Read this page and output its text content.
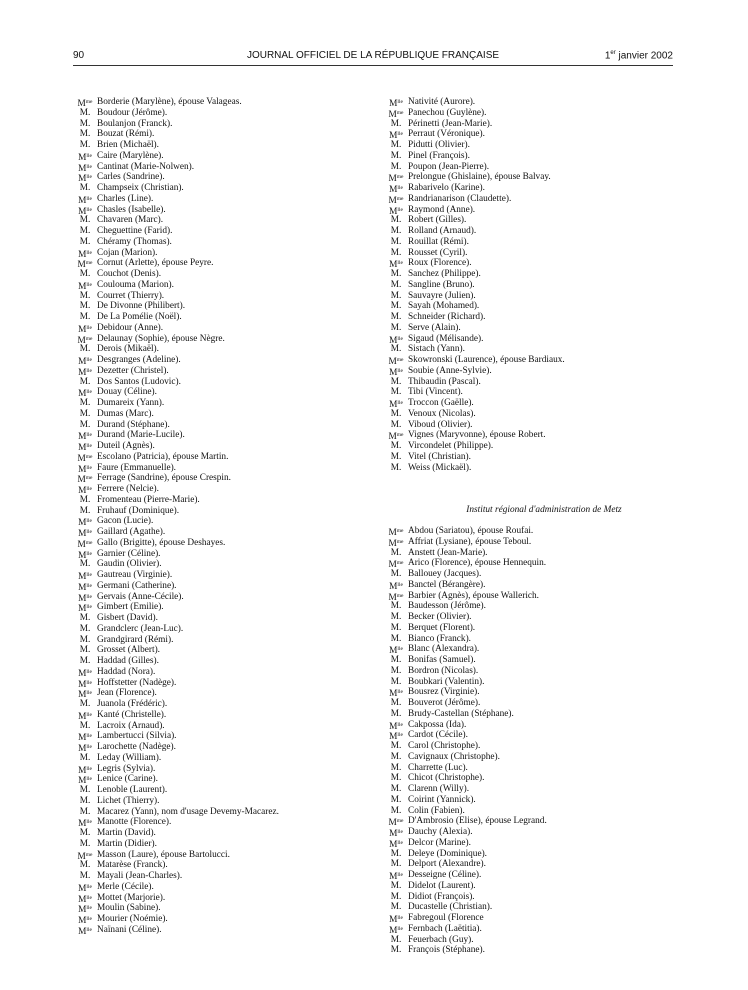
90	JOURNAL OFFICIEL DE LA RÉPUBLIQUE FRANÇAISE	1er janvier 2002
$M^{me}$ Borderie (Marylène), épouse Valageas.
M. Boudour (Jérôme).
M. Boulanjon (Franck).
M. Bouzat (Rémi).
M. Brien (Michaël).
$M^{lle}$ Caire (Marylène).
$M^{lle}$ Cantinat (Marie-Nolwen).
$M^{lle}$ Carles (Sandrine).
M. Champseix (Christian).
$M^{lle}$ Charles (Line).
$M^{lle}$ Chasles (Isabelle).
M. Chavaren (Marc).
M. Cheguettine (Farid).
M. Chéramy (Thomas).
$M^{lle}$ Cojan (Marion).
$M^{me}$ Cornut (Arlette), épouse Peyre.
M. Couchot (Denis).
$M^{lle}$ Coulouma (Marion).
M. Courret (Thierry).
M. De Divonne (Philibert).
M. De La Pomélie (Noël).
$M^{lle}$ Debidour (Anne).
$M^{me}$ Delaunay (Sophie), épouse Nègre.
M. Derois (Mikaël).
$M^{lle}$ Desgranges (Adeline).
$M^{lle}$ Dezetter (Christel).
M. Dos Santos (Ludovic).
$M^{lle}$ Douay (Céline).
M. Dumareix (Yann).
M. Dumas (Marc).
M. Durand (Stéphane).
$M^{lle}$ Durand (Marie-Lucile).
$M^{lle}$ Duteil (Agnès).
$M^{me}$ Escolano (Patricia), épouse Martin.
$M^{lle}$ Faure (Emmanuelle).
$M^{me}$ Ferrage (Sandrine), épouse Crespin.
$M^{lle}$ Ferrere (Nelcie).
M. Fromenteau (Pierre-Marie).
M. Fruhauf (Dominique).
$M^{lle}$ Gacon (Lucie).
$M^{lle}$ Gaillard (Agathe).
$M^{me}$ Gallo (Brigitte), épouse Deshayes.
$M^{lle}$ Garnier (Céline).
M. Gaudin (Olivier).
$M^{lle}$ Gautreau (Virginie).
$M^{lle}$ Germani (Catherine).
$M^{lle}$ Gervais (Anne-Cécile).
$M^{lle}$ Gimbert (Emilie).
M. Gisbert (David).
M. Grandclerc (Jean-Luc).
M. Grandgirard (Rémi).
M. Grosset (Albert).
M. Haddad (Gilles).
$M^{lle}$ Haddad (Nora).
$M^{lle}$ Hoffstetter (Nadège).
$M^{lle}$ Jean (Florence).
M. Juanola (Frédéric).
$M^{lle}$ Kanté (Christelle).
M. Lacroix (Arnaud).
$M^{lle}$ Lambertucci (Silvia).
$M^{lle}$ Larochette (Nadège).
M. Leday (William).
$M^{lle}$ Legris (Sylvia).
$M^{lle}$ Lenice (Carine).
M. Lenoble (Laurent).
M. Lichet (Thierry).
M. Macarez (Yann), nom d'usage Devemy-Macarez.
$M^{lle}$ Manotte (Florence).
M. Martin (David).
M. Martin (Didier).
$M^{me}$ Masson (Laure), épouse Bartolucci.
M. Matarèse (Franck).
M. Mayali (Jean-Charles).
$M^{lle}$ Merle (Cécile).
$M^{lle}$ Mottet (Marjorie).
$M^{lle}$ Moulin (Sabine).
$M^{lle}$ Mourier (Noémie).
$M^{lle}$ Naïnani (Céline).
$M^{lle}$ Nativité (Aurore).
$M^{me}$ Panechou (Guylène).
M. Périnetti (Jean-Marie).
$M^{lle}$ Perraut (Véronique).
M. Pidutti (Olivier).
M. Pinel (François).
M. Poupon (Jean-Pierre).
$M^{me}$ Prelongue (Ghislaine), épouse Balvay.
$M^{lle}$ Rabarivelo (Karine).
$M^{me}$ Randrianarison (Claudette).
$M^{lle}$ Raymond (Anne).
M. Robert (Gilles).
M. Rolland (Arnaud).
M. Rouillat (Rémi).
M. Rousset (Cyril).
$M^{lle}$ Roux (Florence).
M. Sanchez (Philippe).
M. Sangline (Bruno).
M. Sauvayre (Julien).
M. Sayah (Mohamed).
M. Schneider (Richard).
M. Serve (Alain).
$M^{lle}$ Sigaud (Mélisande).
M. Sistach (Yann).
$M^{me}$ Skowronski (Laurence), épouse Bardiaux.
$M^{lle}$ Soubie (Anne-Sylvie).
M. Thibaudin (Pascal).
M. Tibi (Vincent).
$M^{lle}$ Troccon (Gaëlle).
M. Venoux (Nicolas).
M. Viboud (Olivier).
$M^{me}$ Vignes (Maryvonne), épouse Robert.
M. Vircondelet (Philippe).
M. Vitel (Christian).
M. Weiss (Mickaël).
Institut régional d'administration de Metz
$M^{me}$ Abdou (Sariatou), épouse Roufai.
$M^{me}$ Affriat (Lysiane), épouse Teboul.
M. Anstett (Jean-Marie).
$M^{me}$ Arico (Florence), épouse Hennequin.
M. Ballouey (Jacques).
$M^{lle}$ Banctel (Bérangère).
$M^{me}$ Barbier (Agnès), épouse Wallerich.
M. Baudesson (Jérôme).
M. Becker (Olivier).
M. Berquet (Florent).
M. Bianco (Franck).
$M^{lle}$ Blanc (Alexandra).
M. Bonifas (Samuel).
M. Bordron (Nicolas).
M. Boubkari (Valentin).
$M^{lle}$ Bousrez (Virginie).
M. Bouverot (Jérôme).
M. Brudy-Castellan (Stéphane).
$M^{lle}$ Cakpossa (Ida).
$M^{lle}$ Cardot (Cécile).
M. Carol (Christophe).
M. Cavignaux (Christophe).
M. Charrette (Luc).
M. Chicot (Christophe).
M. Clarenn (Willy).
M. Coirint (Yannick).
M. Colin (Fabien).
$M^{me}$ D'Ambrosio (Elise), épouse Legrand.
$M^{lle}$ Dauchy (Alexia).
$M^{lle}$ Delcor (Marine).
M. Deleye (Dominique).
M. Delport (Alexandre).
$M^{lle}$ Desseigne (Céline).
M. Didelot (Laurent).
M. Didiot (François).
M. Ducastelle (Christian).
$M^{lle}$ Fabregoul (Florence
$M^{lle}$ Fernbach (Laëtitia).
M. Feuerbach (Guy).
M. François (Stéphane).
